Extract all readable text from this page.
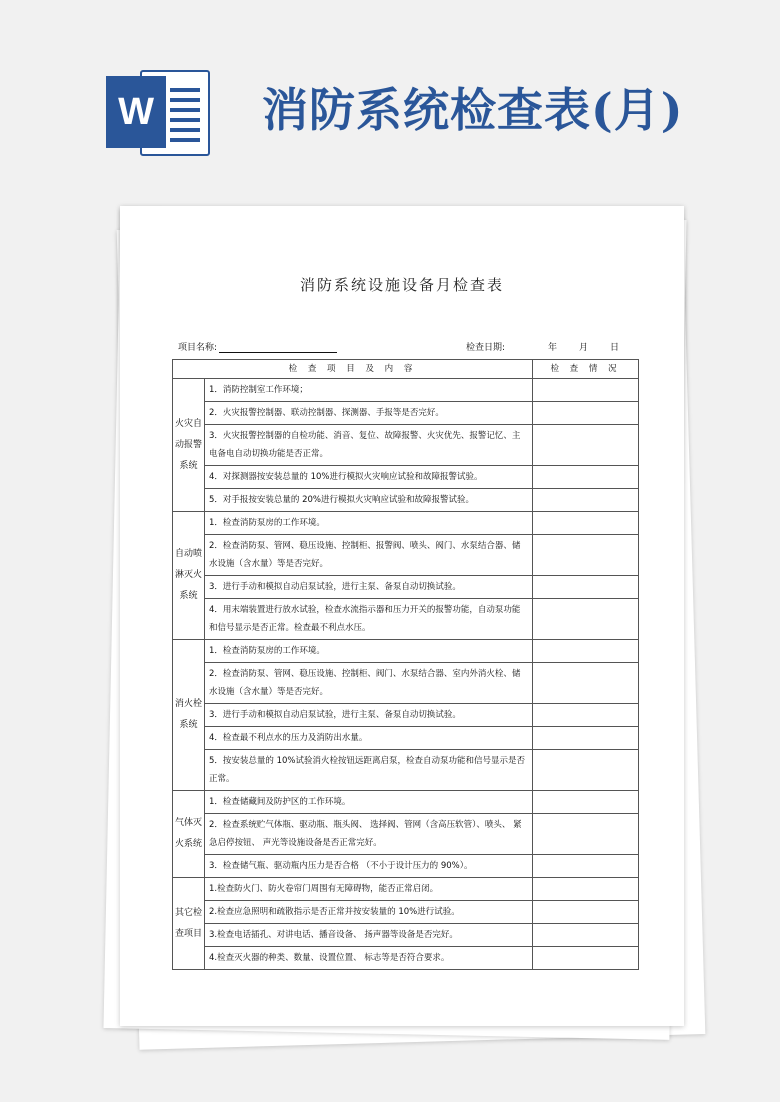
W 消防系统检查表(月)
消防系统设施设备月检查表
项目名称:	检查日期:	年 月 日
检 查 项 目 及 内 容		检 查 情 况
火灾自动报警系统	1．消防控制室工作环境；	
	2．火灾报警控制器、联动控制器、探测器、手报等是否完好。	
	3．火灾报警控制器的自检功能、消音、复位、故障报警、火灾优先、报警记忆、主电备电自动切换功能是否正常。	
	4．对探测器按安装总量的 10%进行模拟火灾响应试验和故障报警试验。	
	5．对手报按安装总量的 20%进行模拟火灾响应试验和故障报警试验。	
自动喷淋灭火系统	1．检查消防泵房的工作环境。	
	2．检查消防泵、管网、稳压设施、控制柜、报警阀、喷头、阀门、水泵结合器、储水设施（含水量）等是否完好。	
	3．进行手动和模拟自动启泵试验，进行主泵、备泵自动切换试验。	
	4．用末端装置进行放水试验，检查水流指示器和压力开关的报警功能，自动泵功能和信号显示是否正常。检查最不利点水压。	
消火栓系统	1．检查消防泵房的工作环境。	
	2．检查消防泵、管网、稳压设施、控制柜、阀门、水泵结合器、室内外消火栓、储水设施（含水量）等是否完好。	
	3．进行手动和模拟自动启泵试验，进行主泵、备泵自动切换试验。	
	4．检查最不利点水的压力及消防出水量。	
	5．按安装总量的 10%试验消火栓按钮远距离启泵，检查自动泵功能和信号显示是否正常。	
气体灭火系统	1．检查储藏间及防护区的工作环境。	
	2．检查系统贮气体瓶、驱动瓶、瓶头阀、 选择阀、管网（含高压软管）、喷头、 紧急启停按钮、 声光等设施设备是否正常完好。	
	3．检查储气瓶、驱动瓶内压力是否合格 （不小于设计压力的 90%）。	
其它检查项目	1.检查防火门、防火卷帘门周围有无障碍物，能否正常启闭。	
	2.检查应急照明和疏散指示是否正常并按安装量的 10%进行试验。	
	3.检查电话插孔、对讲电话、播音设备、 扬声器等设备是否完好。	
	4.检查灭火器的种类、数量、设置位置、 标志等是否符合要求。	
